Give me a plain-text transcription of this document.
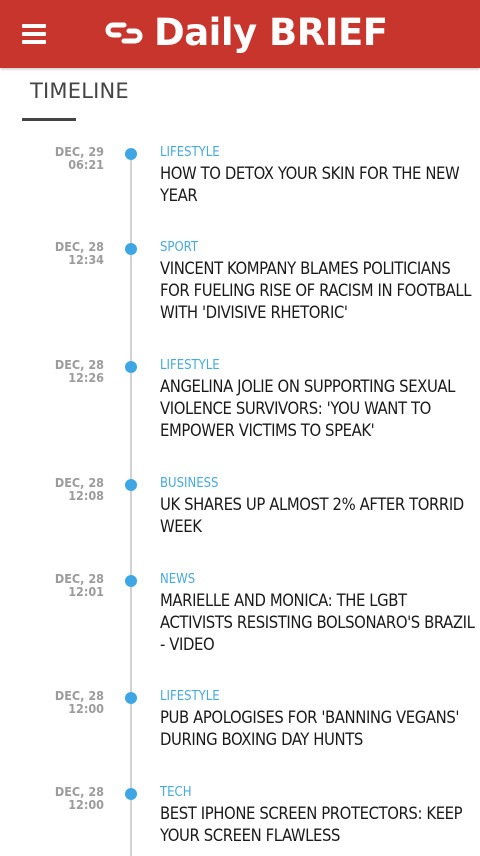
Daily BRIEF
TIMELINE
DEC, 29
06:21
LIFESTYLE
HOW TO DETOX YOUR SKIN FOR THE NEW YEAR
DEC, 28
12:34
SPORT
VINCENT KOMPANY BLAMES POLITICIANS FOR FUELING RISE OF RACISM IN FOOTBALL WITH 'DIVISIVE RHETORIC'
DEC, 28
12:26
LIFESTYLE
ANGELINA JOLIE ON SUPPORTING SEXUAL VIOLENCE SURVIVORS: 'YOU WANT TO EMPOWER VICTIMS TO SPEAK'
DEC, 28
12:08
BUSINESS
UK SHARES UP ALMOST 2% AFTER TORRID WEEK
DEC, 28
12:01
NEWS
MARIELLE AND MONICA: THE LGBT ACTIVISTS RESISTING BOLSONARO'S BRAZIL - VIDEO
DEC, 28
12:00
LIFESTYLE
PUB APOLOGISES FOR 'BANNING VEGANS' DURING BOXING DAY HUNTS
DEC, 28
12:00
TECH
BEST IPHONE SCREEN PROTECTORS: KEEP YOUR SCREEN FLAWLESS
